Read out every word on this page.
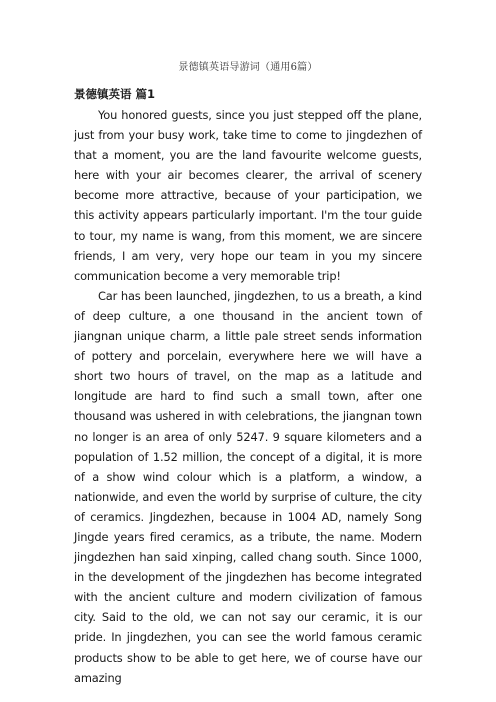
景德镇英语导游词（通用6篇）
景德镇英语 篇1

You honored guests, since you just stepped off the plane, just from your busy work, take time to come to jingdezhen of that a moment, you are the land favourite welcome guests, here with your air becomes clearer, the arrival of scenery become more attractive, because of your participation, we this activity appears particularly important. I'm the tour guide to tour, my name is wang, from this moment, we are sincere friends, I am very, very hope our team in you my sincere communication become a very memorable trip!

Car has been launched, jingdezhen, to us a breath, a kind of deep culture, a one thousand in the ancient town of jiangnan unique charm, a little pale street sends information of pottery and porcelain, everywhere here we will have a short two hours of travel, on the map as a latitude and longitude are hard to find such a small town, after one thousand was ushered in with celebrations, the jiangnan town no longer is an area of only 5247. 9 square kilometers and a population of 1.52 million, the concept of a digital, it is more of a show wind colour which is a platform, a window, a nationwide, and even the world by surprise of culture, the city of ceramics. Jingdezhen, because in 1004 AD, namely Song Jingde years fired ceramics, as a tribute, the name. Modern jingdezhen han said xinping, called chang south. Since 1000, in the development of the jingdezhen has become integrated with the ancient culture and modern civilization of famous city. Said to the old, we can not say our ceramic, it is our pride. In jingdezhen, you can see the world famous ceramic products show to be able to get here, we of course have our amazing
